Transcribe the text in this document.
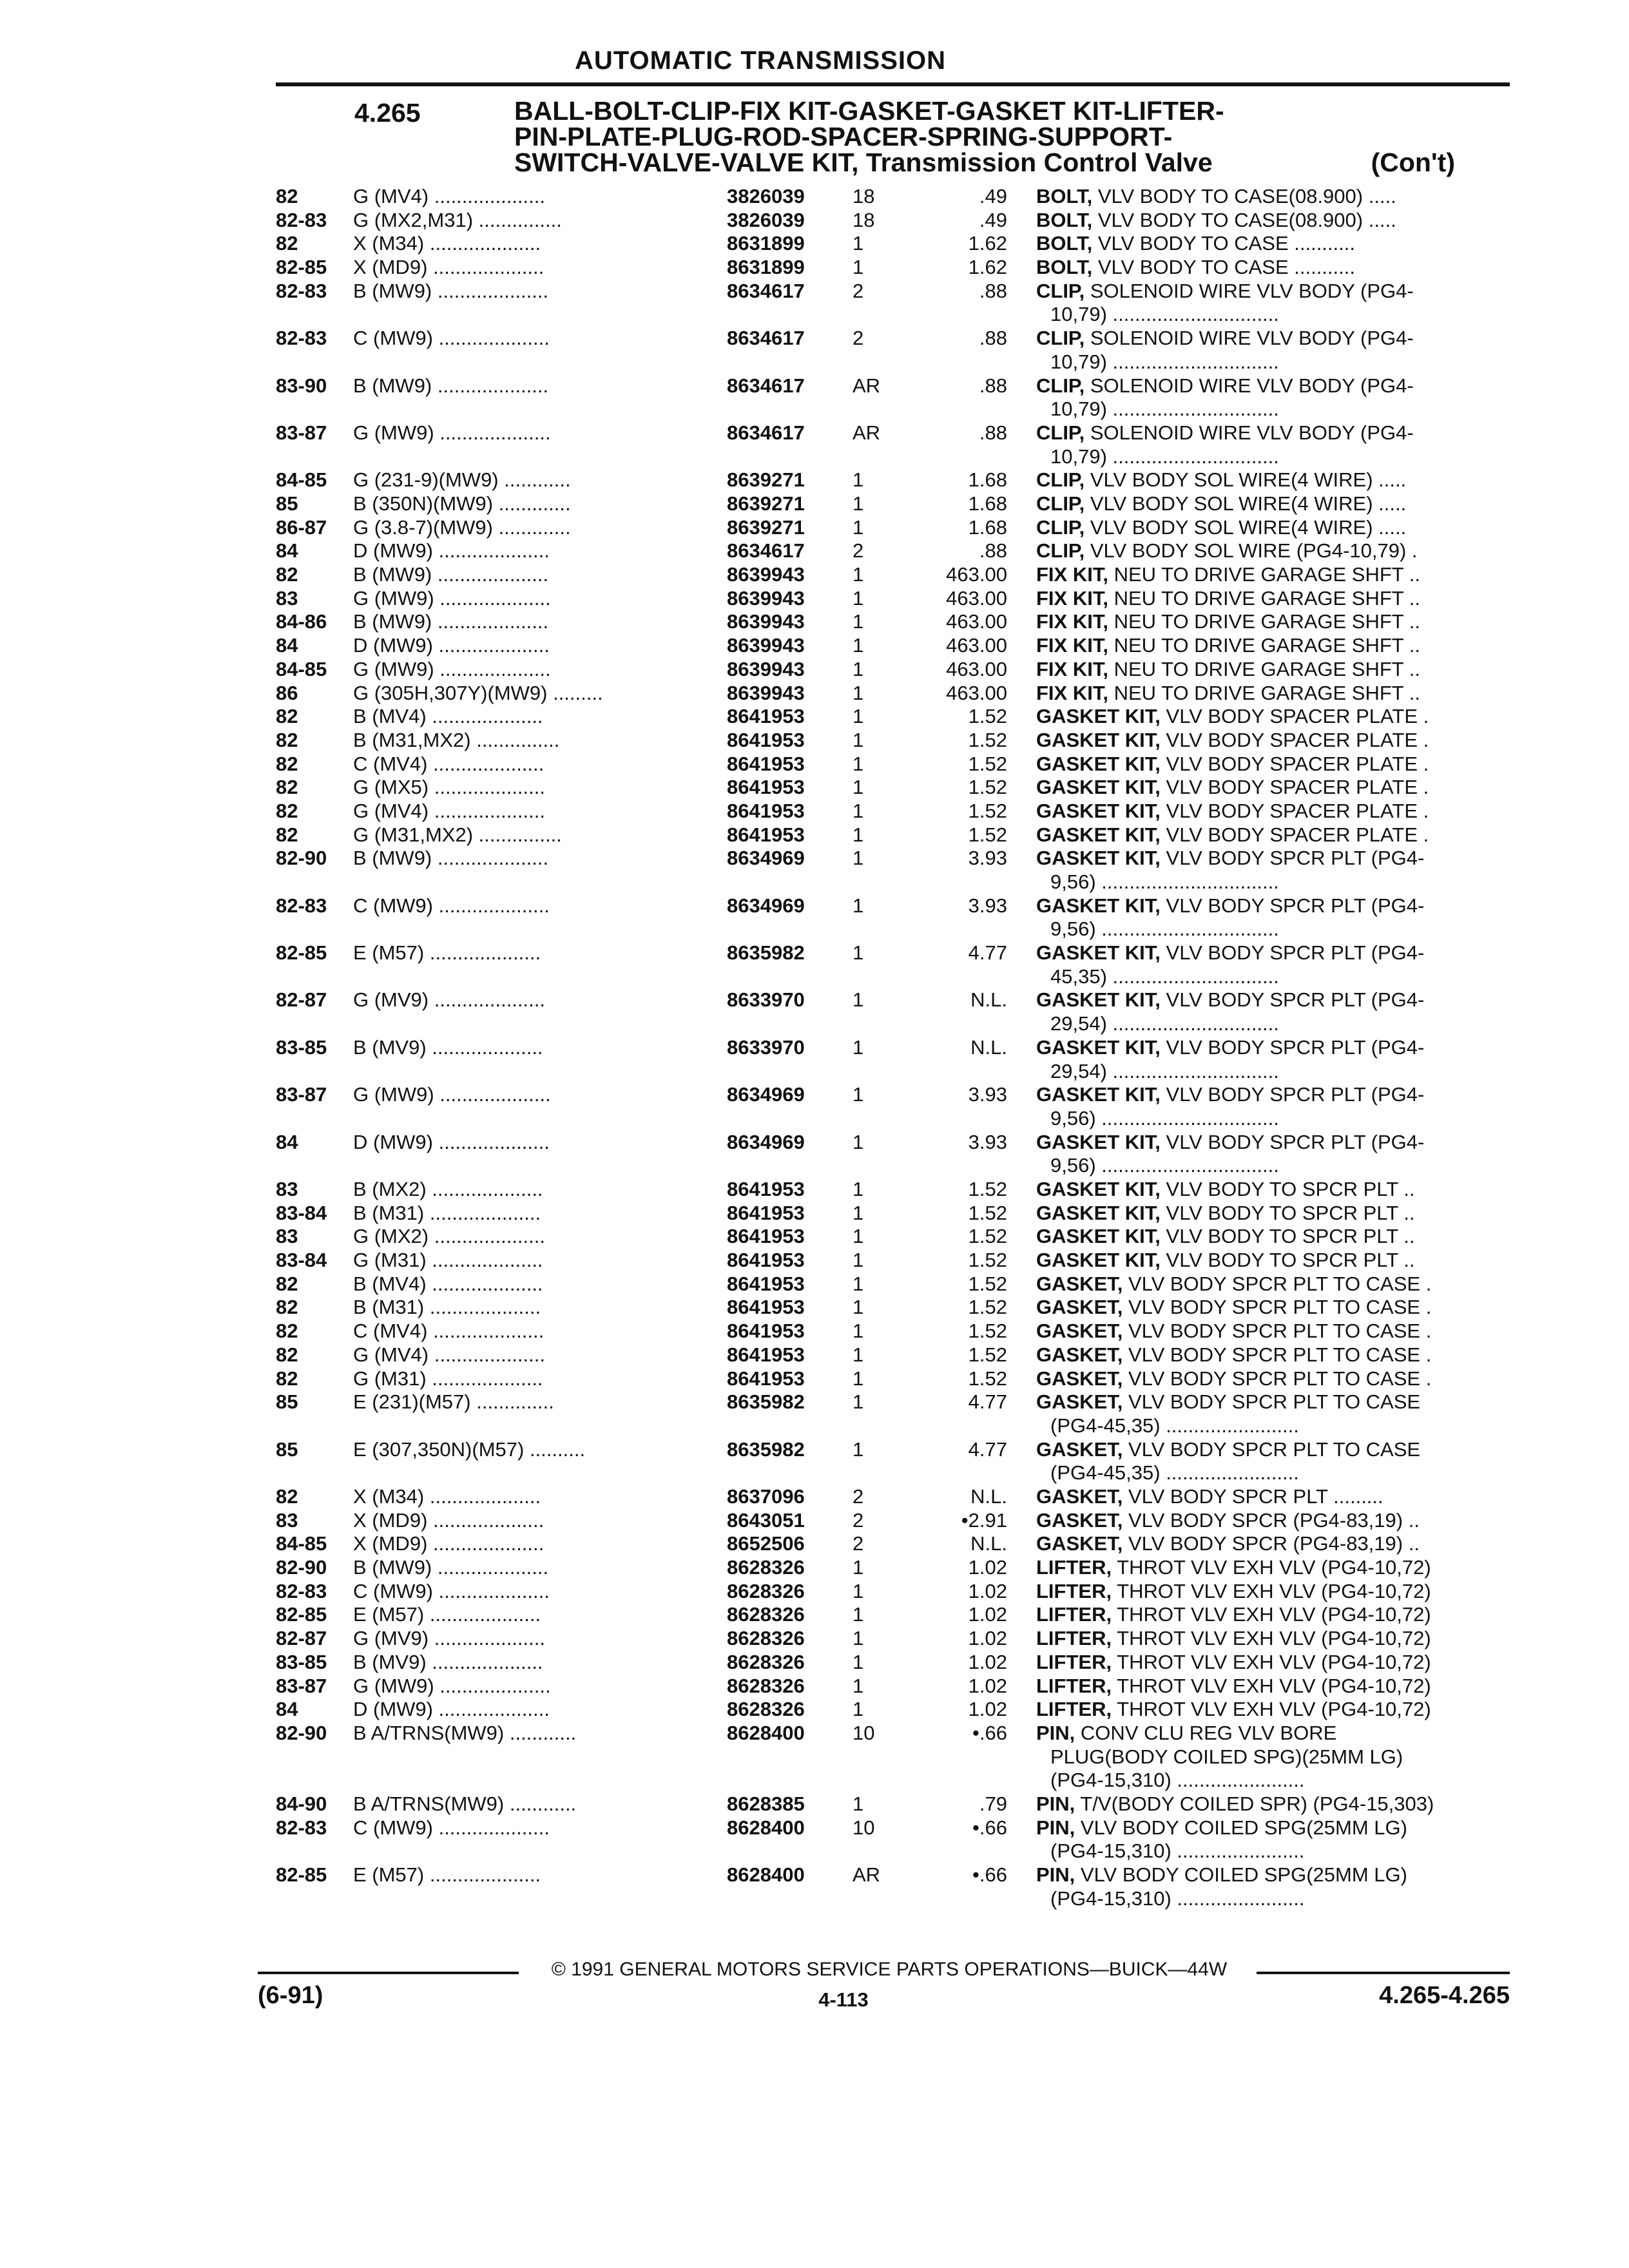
AUTOMATIC TRANSMISSION
4.265	BALL-BOLT-CLIP-FIX KIT-GASKET-GASKET KIT-LIFTER-
PIN-PLATE-PLUG-ROD-SPACER-SPRING-SUPPORT-
SWITCH-VALVE-VALVE KIT, Transmission Control Valve	(Con't)
82	G (MV4) ....................	3826039 18	.49 BOLT, VLV BODY TO CASE(08.900) .....
82-83 G (MX2,M31) ...............	3826039 18	.49 BOLT, VLV BODY TO CASE(08.900) .....
82	X (M34) ....................	8631899 1	1.62 BOLT, VLV BODY TO CASE ...........
82-85 X (MD9) ....................	8631899 1	1.62 BOLT, VLV BODY TO CASE ...........
82-83 B (MW9) ....................	8634617 2	.88 CLIP, SOLENOID WIRE VLV BODY (PG4-
10,79) ..............................
82-83 C (MW9) ....................	8634617 2	.88 CLIP, SOLENOID WIRE VLV BODY (PG4-
10,79) ..............................
83-90 B (MW9) ....................	8634617 AR	.88 CLIP, SOLENOID WIRE VLV BODY (PG4-
10,79) ..............................
83-87 G (MW9) ....................	8634617 AR	.88 CLIP, SOLENOID WIRE VLV BODY (PG4-
10,79) ..............................
84-85 G (231-9)(MW9) ............	8639271 1	1.68 CLIP, VLV BODY SOL WIRE(4 WIRE) .....
85	B (350N)(MW9) .............	8639271 1	1.68 CLIP, VLV BODY SOL WIRE(4 WIRE) .....
86-87 G (3.8-7)(MW9) .............	8639271 1	1.68 CLIP, VLV BODY SOL WIRE(4 WIRE) .....
84	D (MW9) ....................	8634617 2	.88 CLIP, VLV BODY SOL WIRE (PG4-10,79) .
82	B (MW9) ....................	8639943 1	463.00 FIX KIT, NEU TO DRIVE GARAGE SHFT ..
83	G (MW9) ....................	8639943 1	463.00 FIX KIT, NEU TO DRIVE GARAGE SHFT ..
84-86 B (MW9) ....................	8639943 1	463.00 FIX KIT, NEU TO DRIVE GARAGE SHFT ..
84	D (MW9) ....................	8639943 1	463.00 FIX KIT, NEU TO DRIVE GARAGE SHFT ..
84-85 G (MW9) ....................	8639943 1	463.00 FIX KIT, NEU TO DRIVE GARAGE SHFT ..
86	G (305H,307Y)(MW9) .........	8639943 1	463.00 FIX KIT, NEU TO DRIVE GARAGE SHFT ..
82	B (MV4) ....................	8641953 1	1.52 GASKET KIT, VLV BODY SPACER PLATE .
82	B (M31,MX2) ...............	8641953 1	1.52 GASKET KIT, VLV BODY SPACER PLATE .
82	C (MV4) ....................	8641953 1	1.52 GASKET KIT, VLV BODY SPACER PLATE .
82	G (MX5) ....................	8641953 1	1.52 GASKET KIT, VLV BODY SPACER PLATE .
82	G (MV4) ....................	8641953 1	1.52 GASKET KIT, VLV BODY SPACER PLATE .
82	G (M31,MX2) ...............	8641953 1	1.52 GASKET KIT, VLV BODY SPACER PLATE .
82-90 B (MW9) ....................	8634969 1	3.93 GASKET KIT, VLV BODY SPCR PLT (PG4-
9,56) ................................
82-83 C (MW9) ....................	8634969 1	3.93 GASKET KIT, VLV BODY SPCR PLT (PG4-
9,56) ................................
82-85 E (M57) ....................	8635982 1	4.77 GASKET KIT, VLV BODY SPCR PLT (PG4-
45,35) ..............................
82-87 G (MV9) ....................	8633970 1	N.L. GASKET KIT, VLV BODY SPCR PLT (PG4-
29,54) ..............................
83-85 B (MV9) ....................	8633970 1	N.L. GASKET KIT, VLV BODY SPCR PLT (PG4-
29,54) ..............................
83-87 G (MW9) ....................	8634969 1	3.93 GASKET KIT, VLV BODY SPCR PLT (PG4-
9,56) ................................
84	D (MW9) ....................	8634969 1	3.93 GASKET KIT, VLV BODY SPCR PLT (PG4-
9,56) ................................
83	B (MX2) ....................	8641953 1	1.52 GASKET KIT, VLV BODY TO SPCR PLT ..
83-84 B (M31) ....................	8641953 1	1.52 GASKET KIT, VLV BODY TO SPCR PLT ..
83	G (MX2) ....................	8641953 1	1.52 GASKET KIT, VLV BODY TO SPCR PLT ..
83-84 G (M31) ....................	8641953 1	1.52 GASKET KIT, VLV BODY TO SPCR PLT ..
82	B (MV4) ....................	8641953 1	1.52 GASKET, VLV BODY SPCR PLT TO CASE .
82	B (M31) ....................	8641953 1	1.52 GASKET, VLV BODY SPCR PLT TO CASE .
82	C (MV4) ....................	8641953 1	1.52 GASKET, VLV BODY SPCR PLT TO CASE .
82	G (MV4) ....................	8641953 1	1.52 GASKET, VLV BODY SPCR PLT TO CASE .
82	G (M31) ....................	8641953 1	1.52 GASKET, VLV BODY SPCR PLT TO CASE .
85	E (231)(M57) ..............	8635982 1	4.77 GASKET, VLV BODY SPCR PLT TO CASE
(PG4-45,35) ........................
85	E (307,350N)(M57) ..........	8635982 1	4.77 GASKET, VLV BODY SPCR PLT TO CASE
(PG4-45,35) ........................
82	X (M34) ....................	8637096 2	N.L. GASKET, VLV BODY SPCR PLT .........
83	X (MD9) ....................	8643051 2	•2.91 GASKET, VLV BODY SPCR (PG4-83,19) ..
84-85 X (MD9) ....................	8652506 2	N.L. GASKET, VLV BODY SPCR (PG4-83,19) ..
82-90 B (MW9) ....................	8628326 1	1.02 LIFTER, THROT VLV EXH VLV (PG4-10,72)
82-83 C (MW9) ....................	8628326 1	1.02 LIFTER, THROT VLV EXH VLV (PG4-10,72)
82-85 E (M57) ....................	8628326 1	1.02 LIFTER, THROT VLV EXH VLV (PG4-10,72)
82-87 G (MV9) ....................	8628326 1	1.02 LIFTER, THROT VLV EXH VLV (PG4-10,72)
83-85 B (MV9) ....................	8628326 1	1.02 LIFTER, THROT VLV EXH VLV (PG4-10,72)
83-87 G (MW9) ....................	8628326 1	1.02 LIFTER, THROT VLV EXH VLV (PG4-10,72)
84	D (MW9) ....................	8628326 1	1.02 LIFTER, THROT VLV EXH VLV (PG4-10,72)
82-90 B A/TRNS(MW9) ............	8628400 10	•.66 PIN, CONV CLU REG VLV BORE
PLUG(BODY COILED SPG)(25MM LG)
(PG4-15,310) .......................
84-90 B A/TRNS(MW9) ............	8628385 1	.79 PIN, T/V(BODY COILED SPR) (PG4-15,303)
82-83 C (MW9) ....................	8628400 10	•.66 PIN, VLV BODY COILED SPG(25MM LG)
(PG4-15,310) .......................
82-85 E (M57) ....................	8628400 AR	•.66 PIN, VLV BODY COILED SPG(25MM LG)
(PG4-15,310) .......................
© 1991 GENERAL MOTORS SERVICE PARTS OPERATIONS—BUICK—44W
(6-91)	4-113	4.265-4.265
